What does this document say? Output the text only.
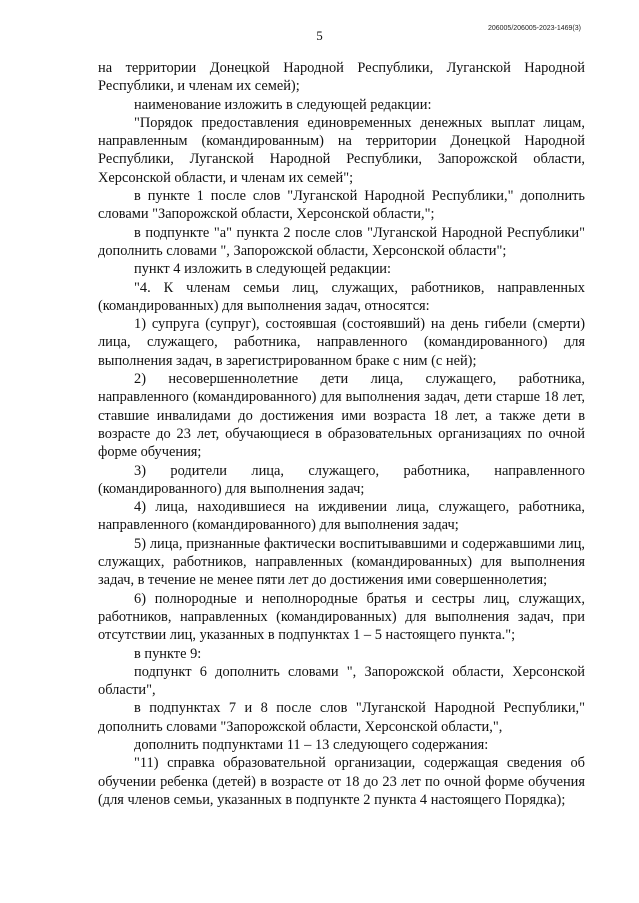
206005/206005-2023-1469(3)
5

на территории Донецкой Народной Республики, Луганской Народной Республики, и членам их семей);

наименование изложить в следующей редакции:

"Порядок предоставления единовременных денежных выплат лицам, направленным (командированным) на территории Донецкой Народной Республики, Луганской Народной Республики, Запорожской области, Херсонской области, и членам их семей";

в пункте 1 после слов "Луганской Народной Республики," дополнить словами "Запорожской области, Херсонской области,";

в подпункте "а" пункта 2 после слов "Луганской Народной Республики" дополнить словами ", Запорожской области, Херсонской области";

пункт 4 изложить в следующей редакции:

"4. К членам семьи лиц, служащих, работников, направленных (командированных) для выполнения задач, относятся:

1) супруга (супруг), состоявшая (состоявший) на день гибели (смерти) лица, служащего, работника, направленного (командированного) для выполнения задач, в зарегистрированном браке с ним (с ней);

2) несовершеннолетние дети лица, служащего, работника, направленного (командированного) для выполнения задач, дети старше 18 лет, ставшие инвалидами до достижения ими возраста 18 лет, а также дети в возрасте до 23 лет, обучающиеся в образовательных организациях по очной форме обучения;

3) родители лица, служащего, работника, направленного (командированного) для выполнения задач;

4) лица, находившиеся на иждивении лица, служащего, работника, направленного (командированного) для выполнения задач;

5) лица, признанные фактически воспитывавшими и содержавшими лиц, служащих, работников, направленных (командированных) для выполнения задач, в течение не менее пяти лет до достижения ими совершеннолетия;

6) полнородные и неполнородные братья и сестры лиц, служащих, работников, направленных (командированных) для выполнения задач, при отсутствии лиц, указанных в подпунктах 1 – 5 настоящего пункта.";

в пункте 9:

подпункт 6 дополнить словами ", Запорожской области, Херсонской области",

в подпунктах 7 и 8 после слов "Луганской Народной Республики," дополнить словами "Запорожской области, Херсонской области,",

дополнить подпунктами 11 – 13 следующего содержания:

"11) справка образовательной организации, содержащая сведения об обучении ребенка (детей) в возрасте от 18 до 23 лет по очной форме обучения (для членов семьи, указанных в подпункте 2 пункта 4 настоящего Порядка);
